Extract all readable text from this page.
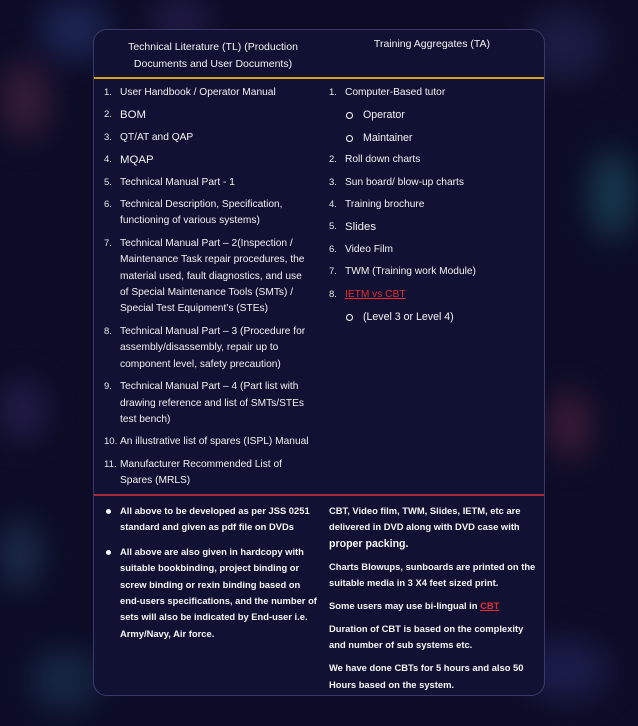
Technical Literature (TL) (Production Documents and User Documents)
Training Aggregates (TA)
1. User Handbook / Operator Manual
2. BOM
3. QT/AT and QAP
4. MQAP
5. Technical Manual Part - 1
6. Technical Description, Specification, functioning of various systems)
7. Technical Manual Part – 2(Inspection / Maintenance Task repair procedures, the material used, fault diagnostics, and use of Special Maintenance Tools (SMTs) / Special Test Equipment’s (STEs)
8. Technical Manual Part – 3 (Procedure for assembly/disassembly, repair up to component level, safety precaution)
9. Technical Manual Part – 4 (Part list with drawing reference and list of SMTs/STEs test bench)
10. An illustrative list of spares (ISPL) Manual
11. Manufacturer Recommended List of Spares (MRLS)
1. Computer-Based tutor
Operator
Maintainer
2. Roll down charts
3. Sun board/ blow-up charts
4. Training brochure
5. Slides
6. Video Film
7. TWM (Training work Module)
8. IETM vs CBT
(Level 3 or Level 4)
All above to be developed as per JSS 0251 standard and given as pdf file on DVDs
All above are also given in hardcopy with suitable bookbinding, project binding or screw binding or rexin binding based on end-users specifications, and the number of sets will also be indicated by End-user i.e. Army/Navy, Air force.

CBT, Video film, TWM, Slides, IETM, etc are delivered in DVD along with DVD case with proper packing.

Charts Blowups, sunboards are printed on the suitable media in 3 X4 feet sized print.

Some users may use bi-lingual in CBT

Duration of CBT is based on the complexity and number of sub systems etc.

We have done CBTs for 5 hours and also 50 Hours based on the system.
